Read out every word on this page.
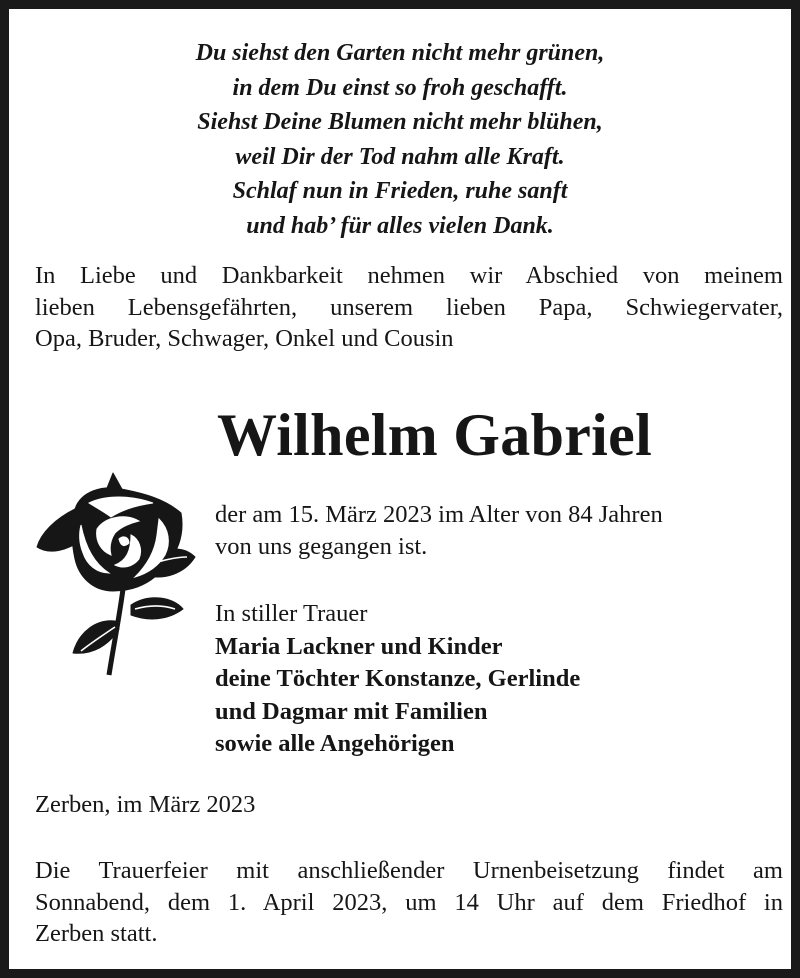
Du siehst den Garten nicht mehr grünen,
in dem Du einst so froh geschafft.
Siehst Deine Blumen nicht mehr blühen,
weil Dir der Tod nahm alle Kraft.
Schlaf nun in Frieden, ruhe sanft
und hab’ für alles vielen Dank.
In Liebe und Dankbarkeit nehmen wir Abschied von meinem
lieben Lebensgefährten, unserem lieben Papa, Schwiegervater,
Opa, Bruder, Schwager, Onkel und Cousin
Wilhelm Gabriel
der am 15. März 2023 im Alter von 84 Jahren
von uns gegangen ist.
In stiller Trauer
Maria Lackner und Kinder
deine Töchter Konstanze, Gerlinde
und Dagmar mit Familien
sowie alle Angehörigen
Zerben, im März 2023
Die Trauerfeier mit anschließender Urnenbeisetzung findet am
Sonnabend, dem 1. April 2023, um 14 Uhr auf dem Friedhof in
Zerben statt.
